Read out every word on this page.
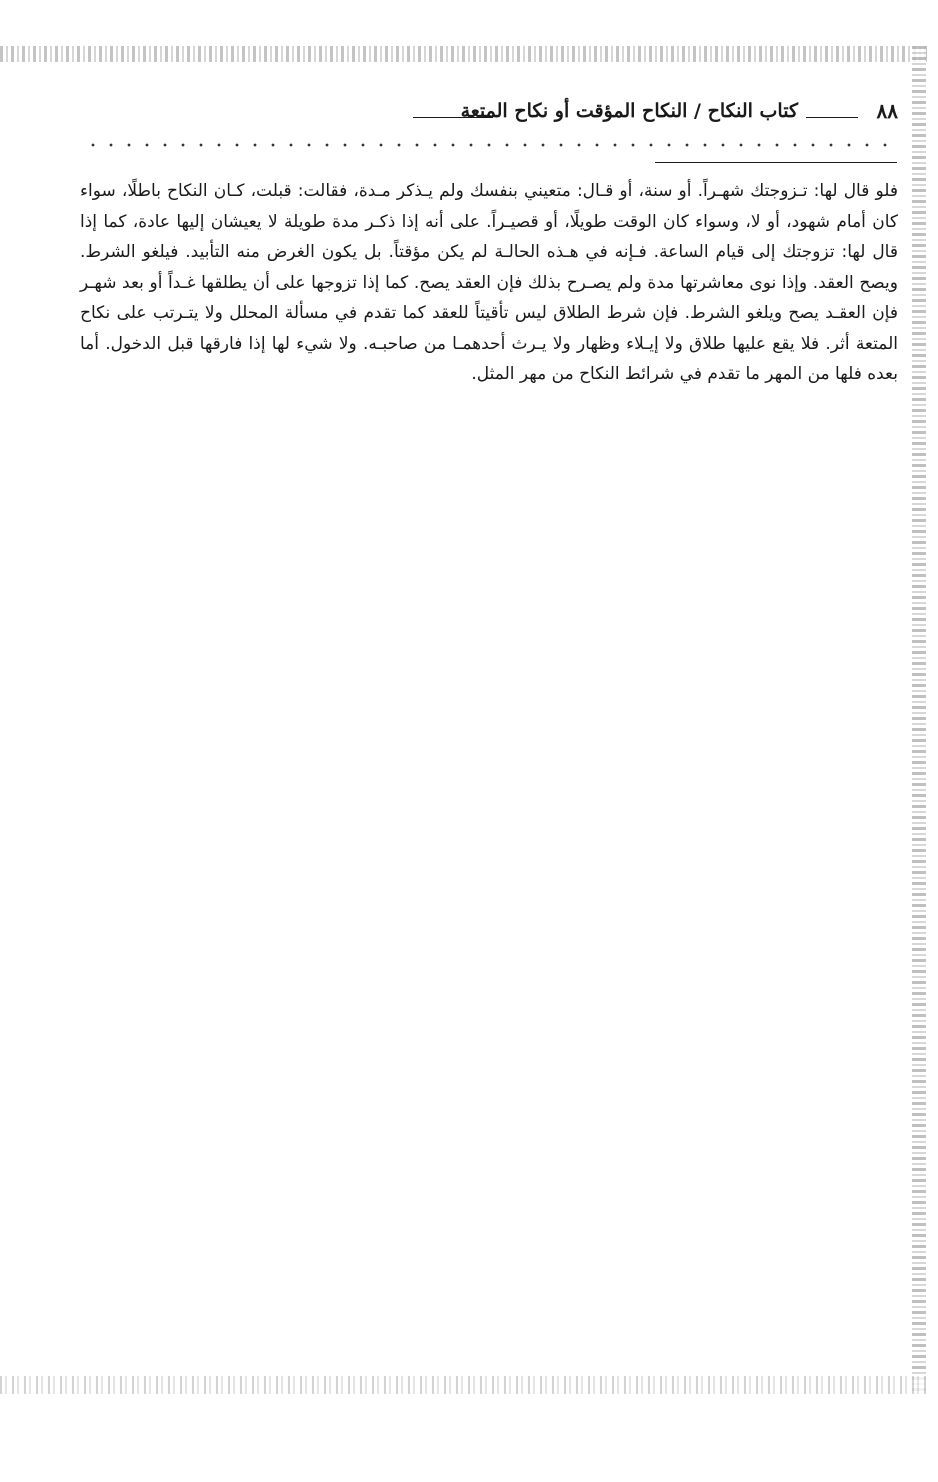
٨٨
كتاب النكاح / النكاح المؤقت أو نكاح المتعة

فلو قال لها: تـزوجتك شهـراً. أو سنة، أو قـال: متعيني بنفسك ولم يـذكر مـدة، فقالت: قبلت، كـان النكاح باطلًا، سواء كان أمام شهود، أو لا، وسواء كان الوقت طويلًا، أو قصيـراً. على أنه إذا ذكـر مدة طويلة لا يعيشان إليها عادة، كما إذا قال لها: تزوجتك إلى قيام الساعة. فـإنه في هـذه الحالـة لم يكن مؤقتاً. بل يكون الغرض منه التأبيد. فيلغو الشرط. ويصح العقد. وإذا نوى معاشرتها مدة ولم يصـرح بذلك فإن العقد يصح. كما إذا تزوجها على أن يطلقها غـداً أو بعد شهـر فإن العقـد يصح ويلغو الشرط. فإن شرط الطلاق ليس تأقيتاً للعقد كما تقدم في مسألة المحلل ولا يتـرتب على نكاح المتعة أثر. فلا يقع عليها طلاق ولا إيـلاء وظهار ولا يـرث أحدهمـا من صاحبـه. ولا شيء لها إذا فارقها قبل الدخول. أما بعده فلها من المهر ما تقدم في شرائط النكاح من مهر المثل.
